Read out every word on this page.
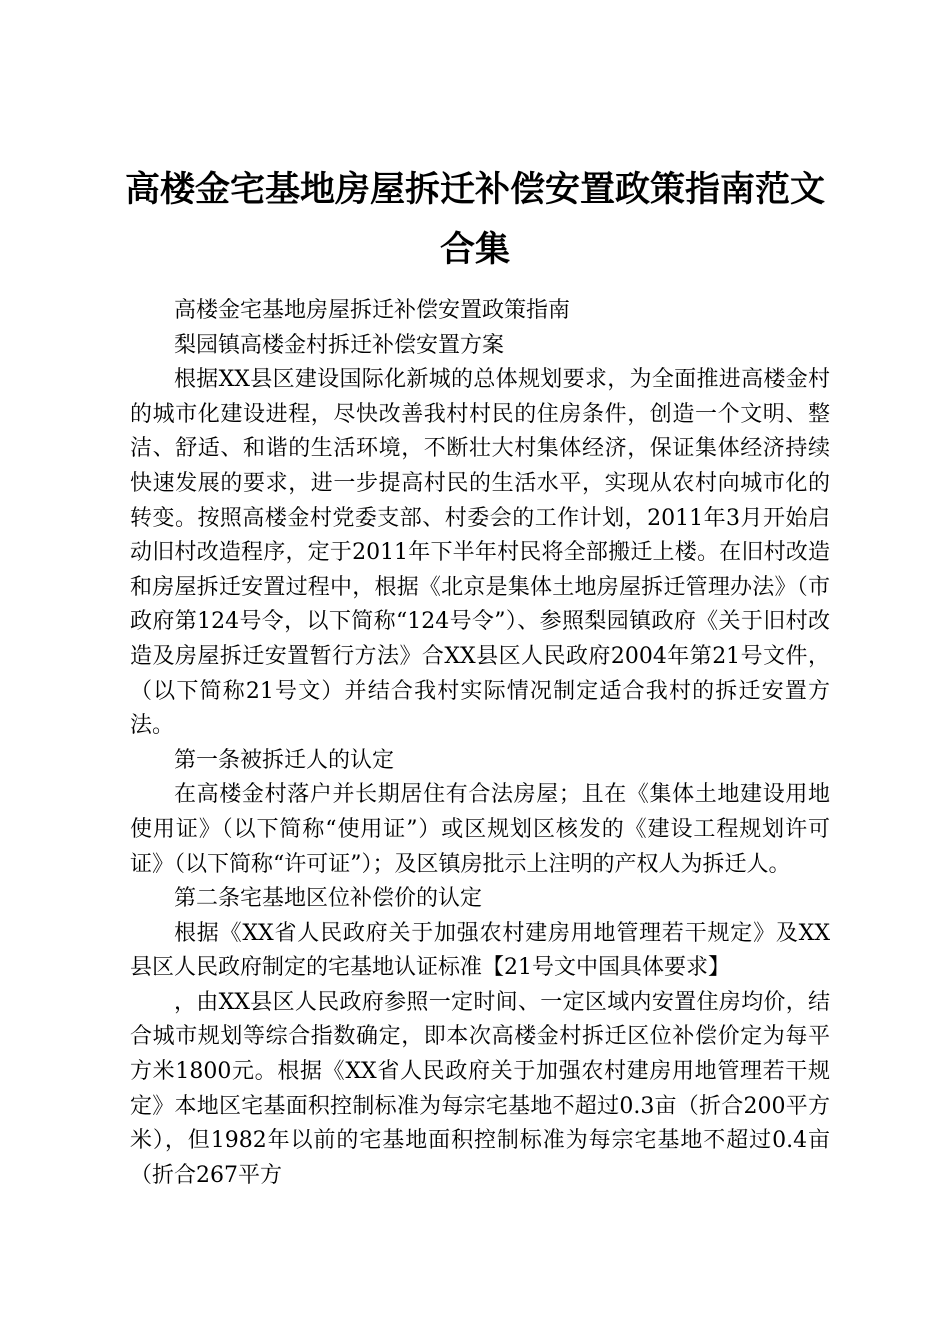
高楼金宅基地房屋拆迁补偿安置政策指南范文合集

高楼金宅基地房屋拆迁补偿安置政策指南

梨园镇高楼金村拆迁补偿安置方案

根据XX县区建设国际化新城的总体规划要求，为全面推进高楼金村的城市化建设进程，尽快改善我村村民的住房条件，创造一个文明、整洁、舒适、和谐的生活环境，不断壮大村集体经济，保证集体经济持续快速发展的要求，进一步提高村民的生活水平，实现从农村向城市化的转变。按照高楼金村党委支部、村委会的工作计划，2011年3月开始启动旧村改造程序，定于2011年下半年村民将全部搬迁上楼。在旧村改造和房屋拆迁安置过程中，根据《北京是集体土地房屋拆迁管理办法》（市政府第124号令，以下简称“124号令”）、参照梨园镇政府《关于旧村改造及房屋拆迁安置暂行方法》合XX县区人民政府2004年第21号文件，（以下简称21号文）并结合我村实际情况制定适合我村的拆迁安置方法。

第一条被拆迁人的认定

在高楼金村落户并长期居住有合法房屋；且在《集体土地建设用地使用证》（以下简称“使用证”）或区规划区核发的《建设工程规划许可证》（以下简称“许可证”）；及区镇房批示上注明的产权人为拆迁人。

第二条宅基地区位补偿价的认定

根据《XX省人民政府关于加强农村建房用地管理若干规定》及XX县区人民政府制定的宅基地认证标准【21号文中国具体要求】

，由XX县区人民政府参照一定时间、一定区域内安置住房均价，结合城市规划等综合指数确定，即本次高楼金村拆迁区位补偿价定为每平方米1800元。根据《XX省人民政府关于加强农村建房用地管理若干规定》本地区宅基面积控制标准为每宗宅基地不超过0.3亩（折合200平方米），但1982年以前的宅基地面积控制标准为每宗宅基地不超过0.4亩（折合267平方
